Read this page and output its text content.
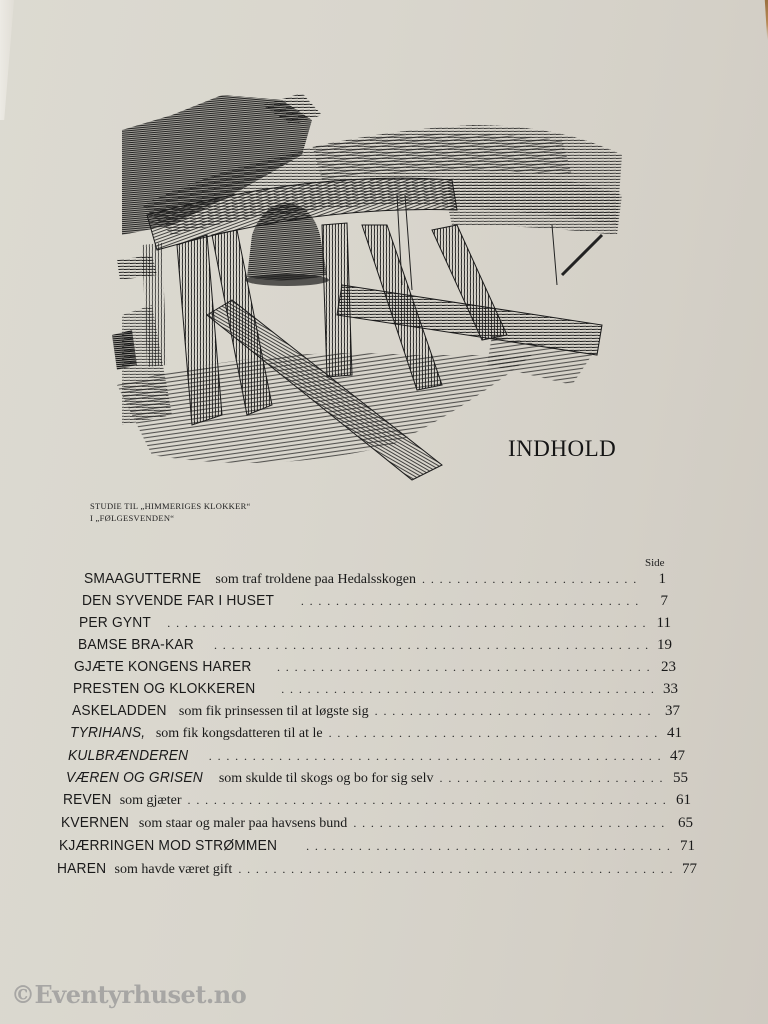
INDHOLD
STUDIE TIL „HIMMERIGES KLOKKER“
I „FØLGESVENDEN“
Side
SMAAGUTTERNE som traf troldene paa Hedalsskogen . . .	1
DEN SYVENDE FAR I HUSET . . .	7
PER GYNT . . .	11
BAMSE BRA-KAR . . .	19
GJÆTE KONGENS HARER . . .	23
PRESTEN OG KLOKKEREN . . .	33
ASKELADDEN som fik prinsessen til at løgste sig . . .	37
TYRIHANS, som fik kongsdatteren til at le . . .	41
KULBRÆNDEREN . . .	47
VÆREN OG GRISEN som skulde til skogs og bo for sig selv . . .	55
REVEN som gjæter . . .	61
KVERNEN som staar og maler paa havsens bund . . .	65
KJÆRRINGEN MOD STRØMMEN . . .	71
HAREN som havde været gift . . .	77
©Eventyrhuset.no
